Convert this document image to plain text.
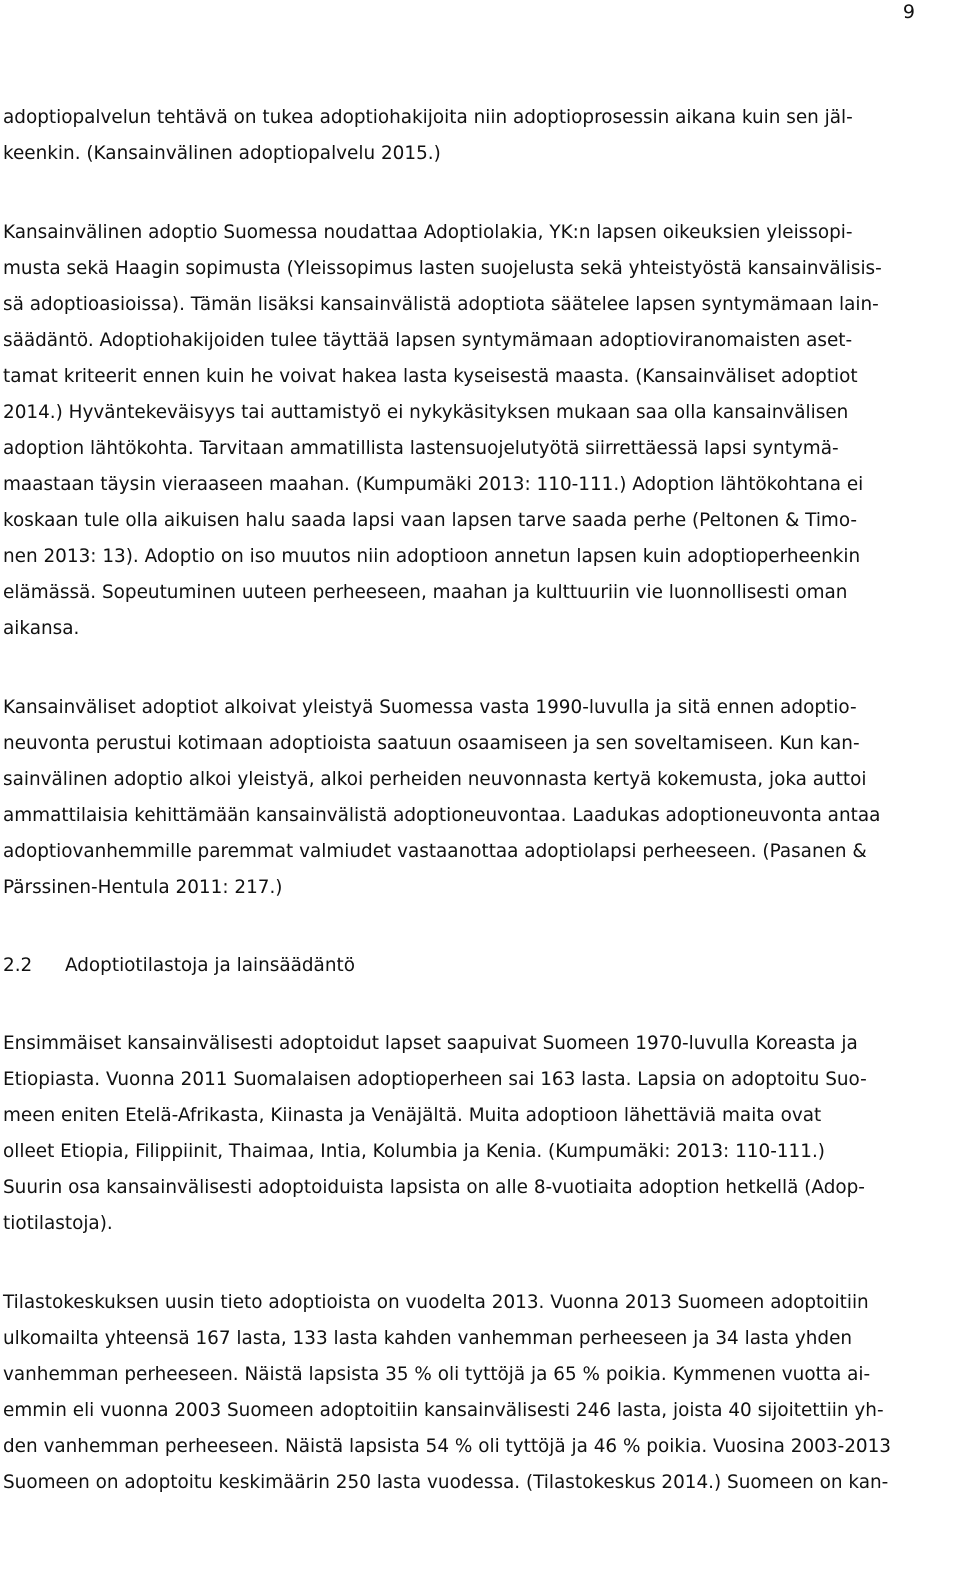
9
adoptiopalvelun tehtävä on tukea adoptiohakijoita niin adoptioprosessin aikana kuin sen jäl-
keenkin. (Kansainvälinen adoptiopalvelu 2015.)
Kansainvälinen adoptio Suomessa noudattaa Adoptiolakia, YK:n lapsen oikeuksien yleissopi-
musta sekä Haagin sopimusta (Yleissopimus lasten suojelusta sekä yhteistyöstä kansainvälisis-
sä adoptioasioissa). Tämän lisäksi kansainvälistä adoptiota säätelee lapsen syntymämaan lain-
säädäntö. Adoptiohakijoiden tulee täyttää lapsen syntymämaan adoptioviranomaisten aset-
tamat kriteerit ennen kuin he voivat hakea lasta kyseisestä maasta. (Kansainväliset adoptiot
2014.) Hyväntekeväisyys tai auttamistyö ei nykykäsityksen mukaan saa olla kansainvälisen
adoption lähtökohta. Tarvitaan ammatillista lastensuojelutyötä siirrettäessä lapsi syntymä-
maastaan täysin vieraaseen maahan. (Kumpumäki 2013: 110-111.) Adoption lähtökohtana ei
koskaan tule olla aikuisen halu saada lapsi vaan lapsen tarve saada perhe (Peltonen & Timo-
nen 2013: 13). Adoptio on iso muutos niin adoptioon annetun lapsen kuin adoptioperheenkin
elämässä. Sopeutuminen uuteen perheeseen, maahan ja kulttuuriin vie luonnollisesti oman
aikansa.
Kansainväliset adoptiot alkoivat yleistyä Suomessa vasta 1990-luvulla ja sitä ennen adoptio-
neuvonta perustui kotimaan adoptioista saatuun osaamiseen ja sen soveltamiseen. Kun kan-
sainvälinen adoptio alkoi yleistyä, alkoi perheiden neuvonnasta kertyä kokemusta, joka auttoi
ammattilaisia kehittämään kansainvälistä adoptioneuvontaa. Laadukas adoptioneuvonta antaa
adoptiovanhemmille paremmat valmiudet vastaanottaa adoptiolapsi perheeseen. (Pasanen &
Pärssinen-Hentula 2011: 217.)
2.2 Adoptiotilastoja ja lainsäädäntö
Ensimmäiset kansainvälisesti adoptoidut lapset saapuivat Suomeen 1970-luvulla Koreasta ja
Etiopiasta. Vuonna 2011 Suomalaisen adoptioperheen sai 163 lasta. Lapsia on adoptoitu Suo-
meen eniten Etelä-Afrikasta, Kiinasta ja Venäjältä. Muita adoptioon lähettäviä maita ovat
olleet Etiopia, Filippiinit, Thaimaa, Intia, Kolumbia ja Kenia. (Kumpumäki: 2013: 110-111.)
Suurin osa kansainvälisesti adoptoiduista lapsista on alle 8-vuotiaita adoption hetkellä (Adop-
tiotilastoja).
Tilastokeskuksen uusin tieto adoptioista on vuodelta 2013. Vuonna 2013 Suomeen adoptoitiin
ulkomailta yhteensä 167 lasta, 133 lasta kahden vanhemman perheeseen ja 34 lasta yhden
vanhemman perheeseen. Näistä lapsista 35 % oli tyttöjä ja 65 % poikia. Kymmenen vuotta ai-
emmin eli vuonna 2003 Suomeen adoptoitiin kansainvälisesti 246 lasta, joista 40 sijoitettiin yh-
den vanhemman perheeseen. Näistä lapsista 54 % oli tyttöjä ja 46 % poikia. Vuosina 2003-2013
Suomeen on adoptoitu keskimäärin 250 lasta vuodessa. (Tilastokeskus 2014.) Suomeen on kan-
